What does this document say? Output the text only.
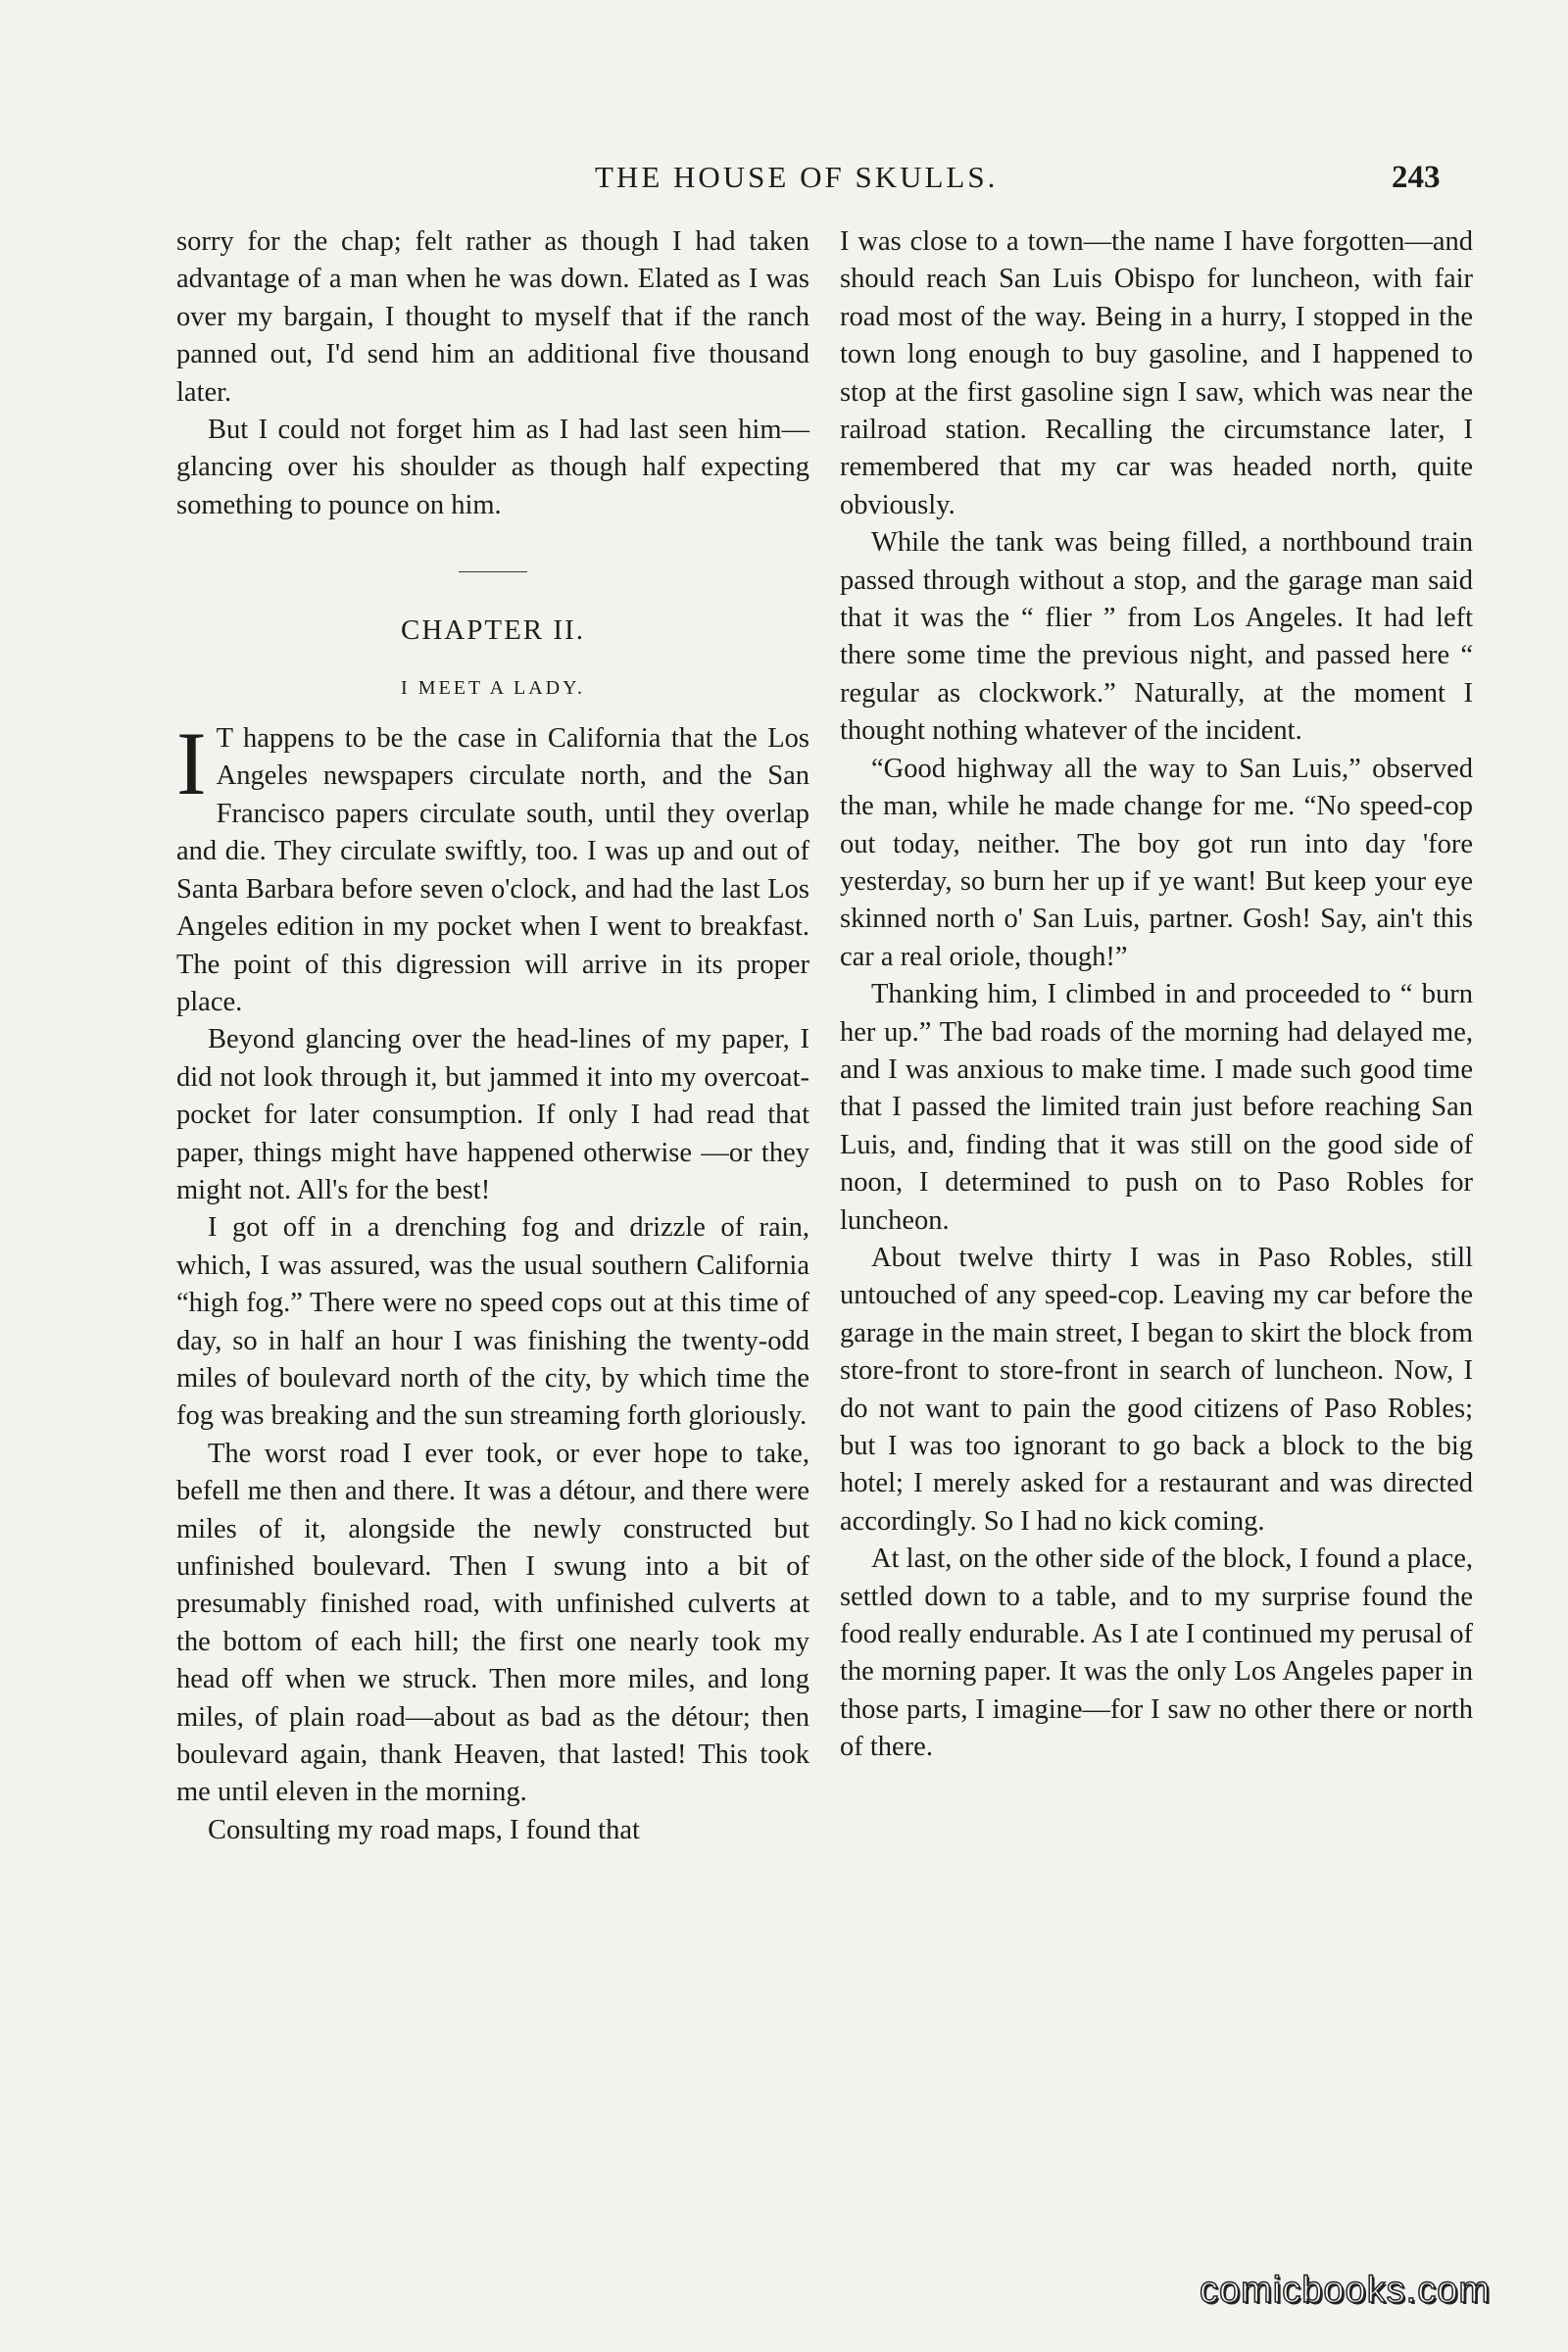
THE HOUSE OF SKULLS.	243

sorry for the chap; felt rather as though I had taken advantage of a man when he was down. Elated as I was over my bargain, I thought to myself that if the ranch panned out, I'd send him an additional five thousand later.

But I could not forget him as I had last seen him—glancing over his shoulder as though half expecting something to pounce on him.

CHAPTER II.
I MEET A LADY.

I T happens to be the case in California that the Los Angeles newspapers circulate north, and the San Francisco papers circulate south, until they overlap and die. They circulate swiftly, too. I was up and out of Santa Barbara before seven o'clock, and had the last Los Angeles edition in my pocket when I went to breakfast. The point of this digression will arrive in its proper place.

Beyond glancing over the head-lines of my paper, I did not look through it, but jammed it into my overcoat-pocket for later consumption. If only I had read that paper, things might have happened otherwise —or they might not. All's for the best!

I got off in a drenching fog and drizzle of rain, which, I was assured, was the usual southern California “high fog.” There were no speed cops out at this time of day, so in half an hour I was finishing the twenty-odd miles of boulevard north of the city, by which time the fog was breaking and the sun streaming forth gloriously.

The worst road I ever took, or ever hope to take, befell me then and there. It was a détour, and there were miles of it, alongside the newly constructed but unfinished boulevard. Then I swung into a bit of presumably finished road, with unfinished culverts at the bottom of each hill; the first one nearly took my head off when we struck. Then more miles, and long miles, of plain road—about as bad as the détour; then boulevard again, thank Heaven, that lasted! This took me until eleven in the morning.

Consulting my road maps, I found that

I was close to a town—the name I have forgotten—and should reach San Luis Obispo for luncheon, with fair road most of the way. Being in a hurry, I stopped in the town long enough to buy gasoline, and I happened to stop at the first gasoline sign I saw, which was near the railroad station. Recalling the circumstance later, I remembered that my car was headed north, quite obviously.

While the tank was being filled, a northbound train passed through without a stop, and the garage man said that it was the “ flier ” from Los Angeles. It had left there some time the previous night, and passed here “ regular as clockwork.” Naturally, at the moment I thought nothing whatever of the incident.

“Good highway all the way to San Luis,” observed the man, while he made change for me. “No speed-cop out today, neither. The boy got run into day 'fore yesterday, so burn her up if ye want! But keep your eye skinned north o' San Luis, partner. Gosh! Say, ain't this car a real oriole, though!”

Thanking him, I climbed in and proceeded to “ burn her up.” The bad roads of the morning had delayed me, and I was anxious to make time. I made such good time that I passed the limited train just before reaching San Luis, and, finding that it was still on the good side of noon, I determined to push on to Paso Robles for luncheon.

About twelve thirty I was in Paso Robles, still untouched of any speed-cop. Leaving my car before the garage in the main street, I began to skirt the block from store-front to store-front in search of luncheon. Now, I do not want to pain the good citizens of Paso Robles; but I was too ignorant to go back a block to the big hotel; I merely asked for a restaurant and was directed accordingly. So I had no kick coming.

At last, on the other side of the block, I found a place, settled down to a table, and to my surprise found the food really endurable. As I ate I continued my perusal of the morning paper. It was the only Los Angeles paper in those parts, I imagine—for I saw no other there or north of there.

comicbooks.com
